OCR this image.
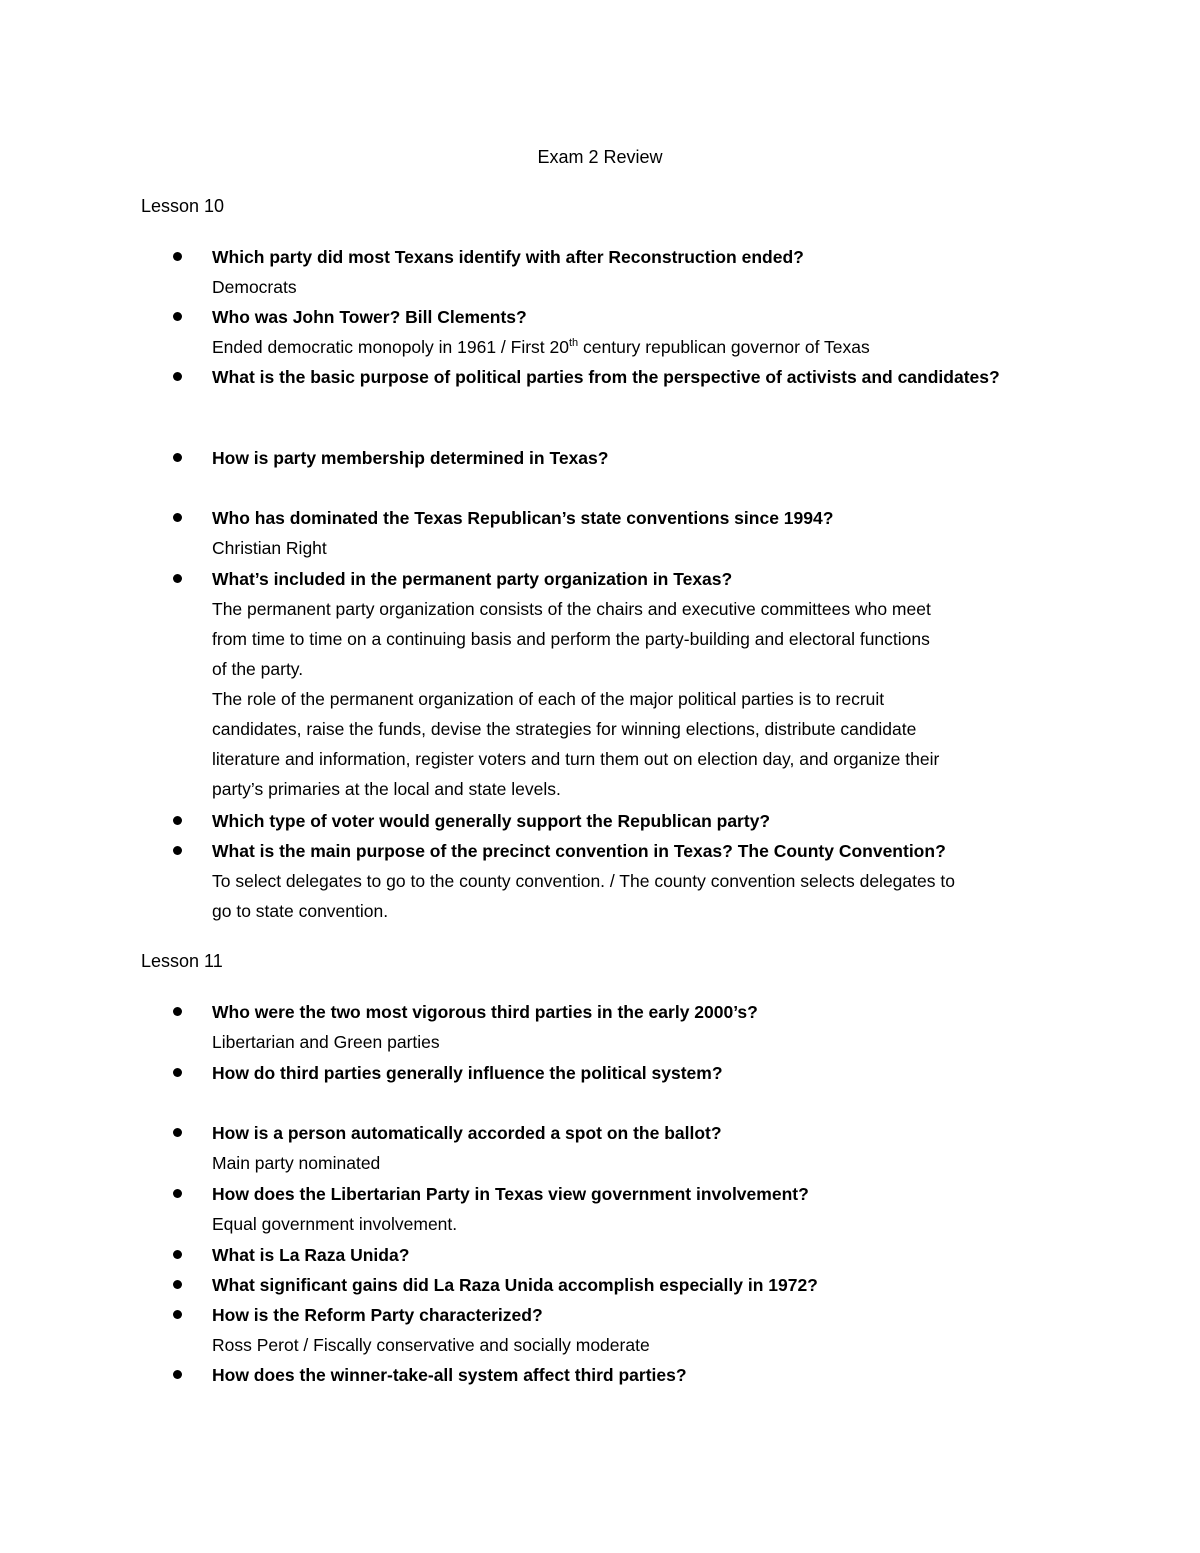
Exam 2 Review
Lesson 10
Lesson 11

Which party did most Texans identify with after Reconstruction ended?

Democrats

Who was John Tower? Bill Clements?

Ended democratic monopoly in 1961 / First 20th century republican governor of Texas

What is the basic purpose of political parties from the perspective of activists and candidates?

How is party membership determined in Texas?

Who has dominated the Texas Republican’s state conventions since 1994?

Christian Right

What’s included in the permanent party organization in Texas?

The permanent party organization consists of the chairs and executive committees who meet

from time to time on a continuing basis and perform the party-building and electoral functions

of the party.

The role of the permanent organization of each of the major political parties is to recruit

candidates, raise the funds, devise the strategies for winning elections, distribute candidate

literature and information, register voters and turn them out on election day, and organize their

party’s primaries at the local and state levels.

Which type of voter would generally support the Republican party?

What is the main purpose of the precinct convention in Texas? The County Convention?

To select delegates to go to the county convention. / The county convention selects delegates to

go to state convention.

Who were the two most vigorous third parties in the early 2000’s?

Libertarian and Green parties

How do third parties generally influence the political system?

How is a person automatically accorded a spot on the ballot?

Main party nominated

How does the Libertarian Party in Texas view government involvement?

Equal government involvement.

What is La Raza Unida?

What significant gains did La Raza Unida accomplish especially in 1972?

How is the Reform Party characterized?

Ross Perot / Fiscally conservative and socially moderate

How does the winner-take-all system affect third parties?
